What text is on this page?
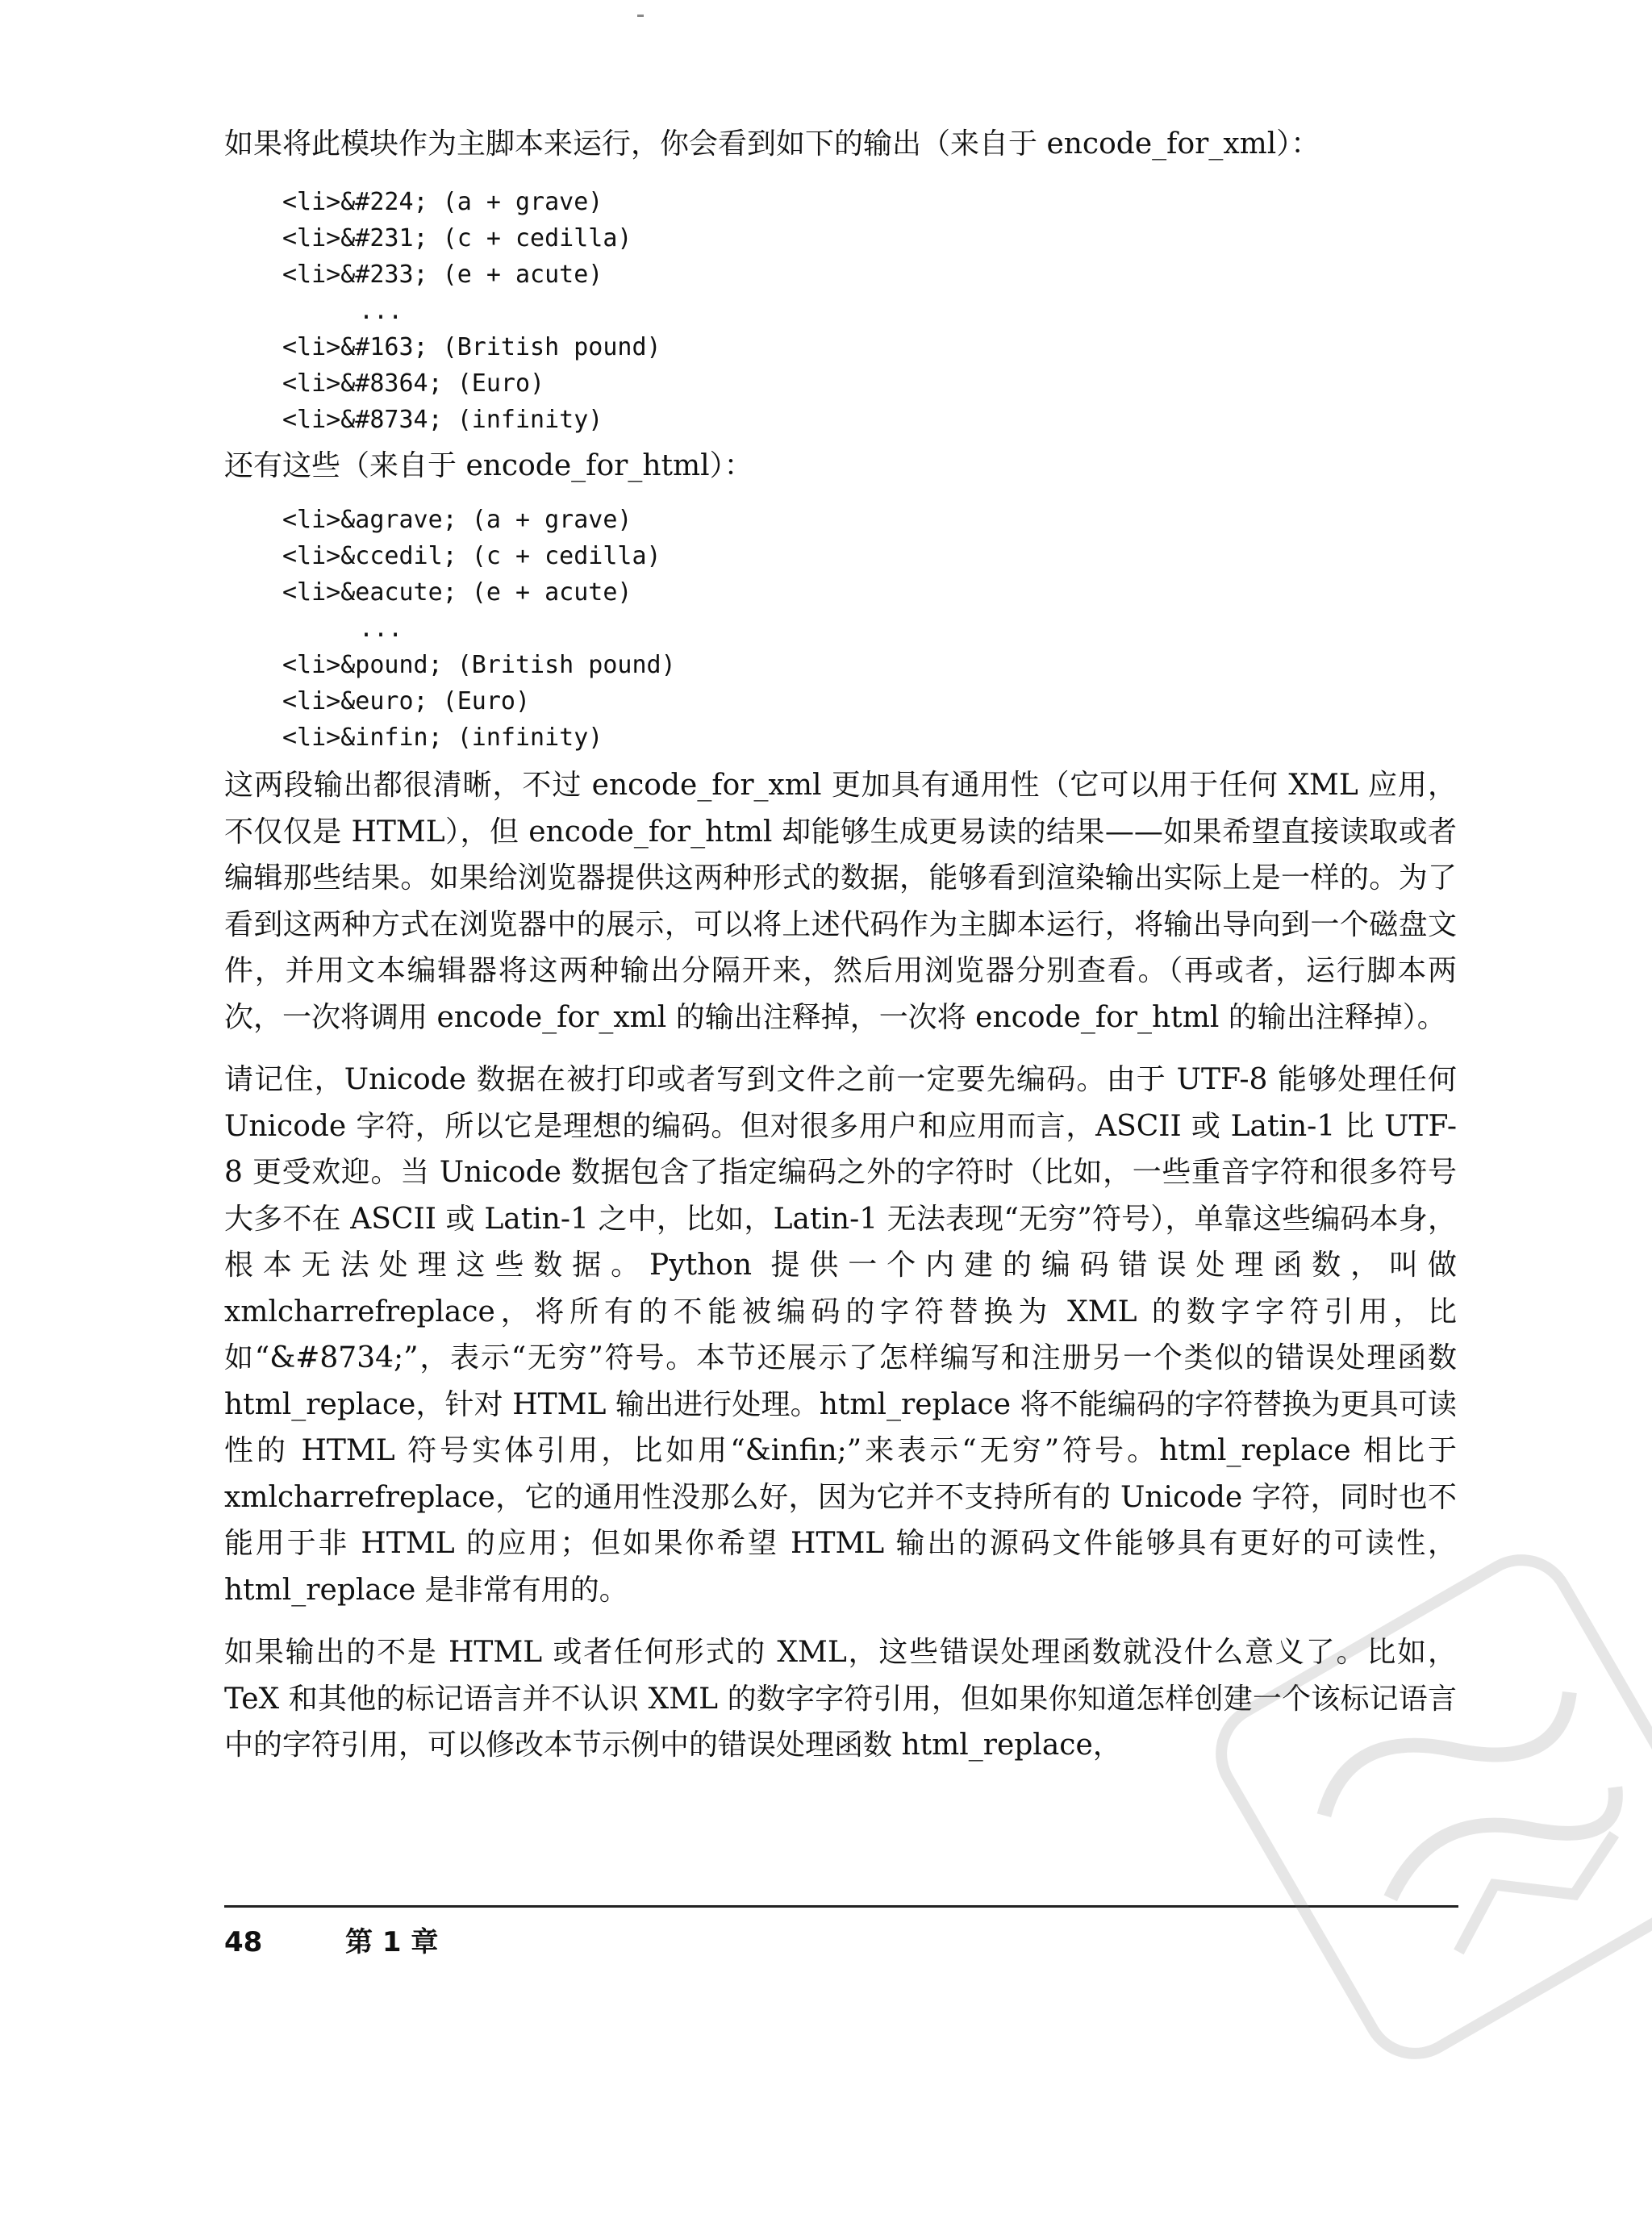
如果将此模块作为主脚本来运行，你会看到如下的输出（来自于 encode_for_xml）：

<li>&#224; (a + grave)
<li>&#231; (c + cedilla)
<li>&#233; (e + acute)
...
<li>&#163; (British pound)
<li>&#8364; (Euro)
<li>&#8734; (infinity)

还有这些（来自于 encode_for_html）：

<li>&agrave; (a + grave)
<li>&ccedil; (c + cedilla)
<li>&eacute; (e + acute)
...
<li>&pound; (British pound)
<li>&euro; (Euro)
<li>&infin; (infinity)

这两段输出都很清晰，不过 encode_for_xml 更加具有通用性（它可以用于任何 XML 应用，不仅仅是 HTML），但 encode_for_html 却能够生成更易读的结果——如果希望直接读取或者编辑那些结果。如果给浏览器提供这两种形式的数据，能够看到渲染输出实际上是一样的。为了看到这两种方式在浏览器中的展示，可以将上述代码作为主脚本运行，将输出导向到一个磁盘文件，并用文本编辑器将这两种输出分隔开来，然后用浏览器分别查看。（再或者，运行脚本两次，一次将调用 encode_for_xml 的输出注释掉，一次将 encode_for_html 的输出注释掉）。

请记住，Unicode 数据在被打印或者写到文件之前一定要先编码。由于 UTF-8 能够处理任何 Unicode 字符，所以它是理想的编码。但对很多用户和应用而言，ASCII 或 Latin-1 比 UTF-8 更受欢迎。当 Unicode 数据包含了指定编码之外的字符时（比如，一些重音字符和很多符号大多不在 ASCII 或 Latin-1 之中，比如，Latin-1 无法表现“无穷”符号），单靠这些编码本身，根本无法处理这些数据。Python 提供一个内建的编码错误处理函数，叫做 xmlcharrefreplace，将所有的不能被编码的字符替换为 XML 的数字字符引用，比如“&#8734;”，表示“无穷”符号。本节还展示了怎样编写和注册另一个类似的错误处理函数 html_replace，针对 HTML 输出进行处理。html_replace 将不能编码的字符替换为更具可读性的 HTML 符号实体引用，比如用“&infin;”来表示“无穷”符号。html_replace 相比于 xmlcharrefreplace，它的通用性没那么好，因为它并不支持所有的 Unicode 字符，同时也不能用于非 HTML 的应用；但如果你希望 HTML 输出的源码文件能够具有更好的可读性，html_replace 是非常有用的。

如果输出的不是 HTML 或者任何形式的 XML，这些错误处理函数就没什么意义了。比如，TeX 和其他的标记语言并不认识 XML 的数字字符引用，但如果你知道怎样创建一个该标记语言中的字符引用，可以修改本节示例中的错误处理函数 html_replace，

48	第 1 章
